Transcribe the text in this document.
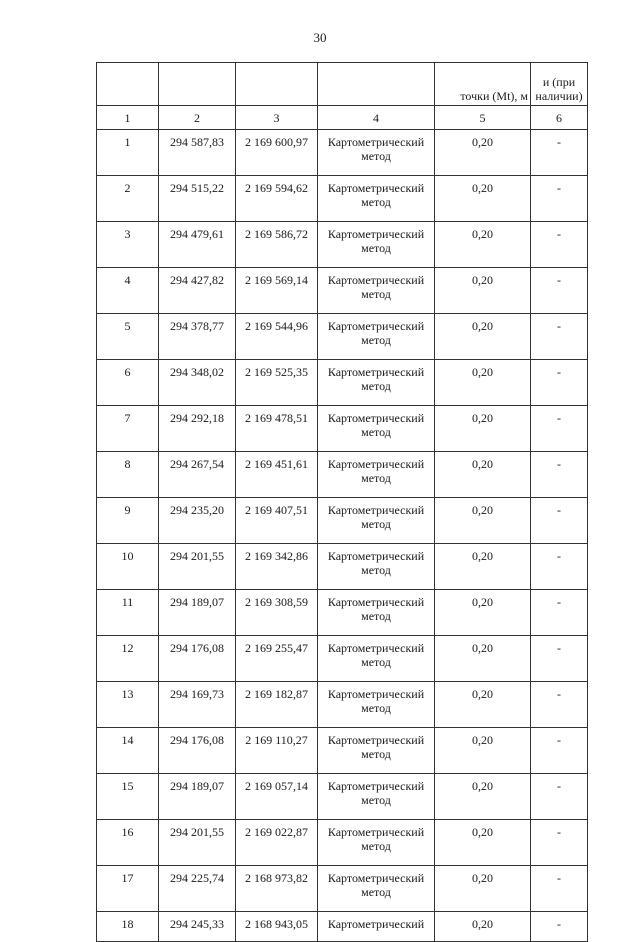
30
				точки (Mt), м	и (при наличии)
1	2	3	4	5	6
1	294 587,83	2 169 600,97	Картометрический метод	0,20	-
2	294 515,22	2 169 594,62	Картометрический метод	0,20	-
3	294 479,61	2 169 586,72	Картометрический метод	0,20	-
4	294 427,82	2 169 569,14	Картометрический метод	0,20	-
5	294 378,77	2 169 544,96	Картометрический метод	0,20	-
6	294 348,02	2 169 525,35	Картометрический метод	0,20	-
7	294 292,18	2 169 478,51	Картометрический метод	0,20	-
8	294 267,54	2 169 451,61	Картометрический метод	0,20	-
9	294 235,20	2 169 407,51	Картометрический метод	0,20	-
10	294 201,55	2 169 342,86	Картометрический метод	0,20	-
11	294 189,07	2 169 308,59	Картометрический метод	0,20	-
12	294 176,08	2 169 255,47	Картометрический метод	0,20	-
13	294 169,73	2 169 182,87	Картометрический метод	0,20	-
14	294 176,08	2 169 110,27	Картометрический метод	0,20	-
15	294 189,07	2 169 057,14	Картометрический метод	0,20	-
16	294 201,55	2 169 022,87	Картометрический метод	0,20	-
17	294 225,74	2 168 973,82	Картометрический метод	0,20	-
18	294 245,33	2 168 943,05	Картометрический	0,20	-
